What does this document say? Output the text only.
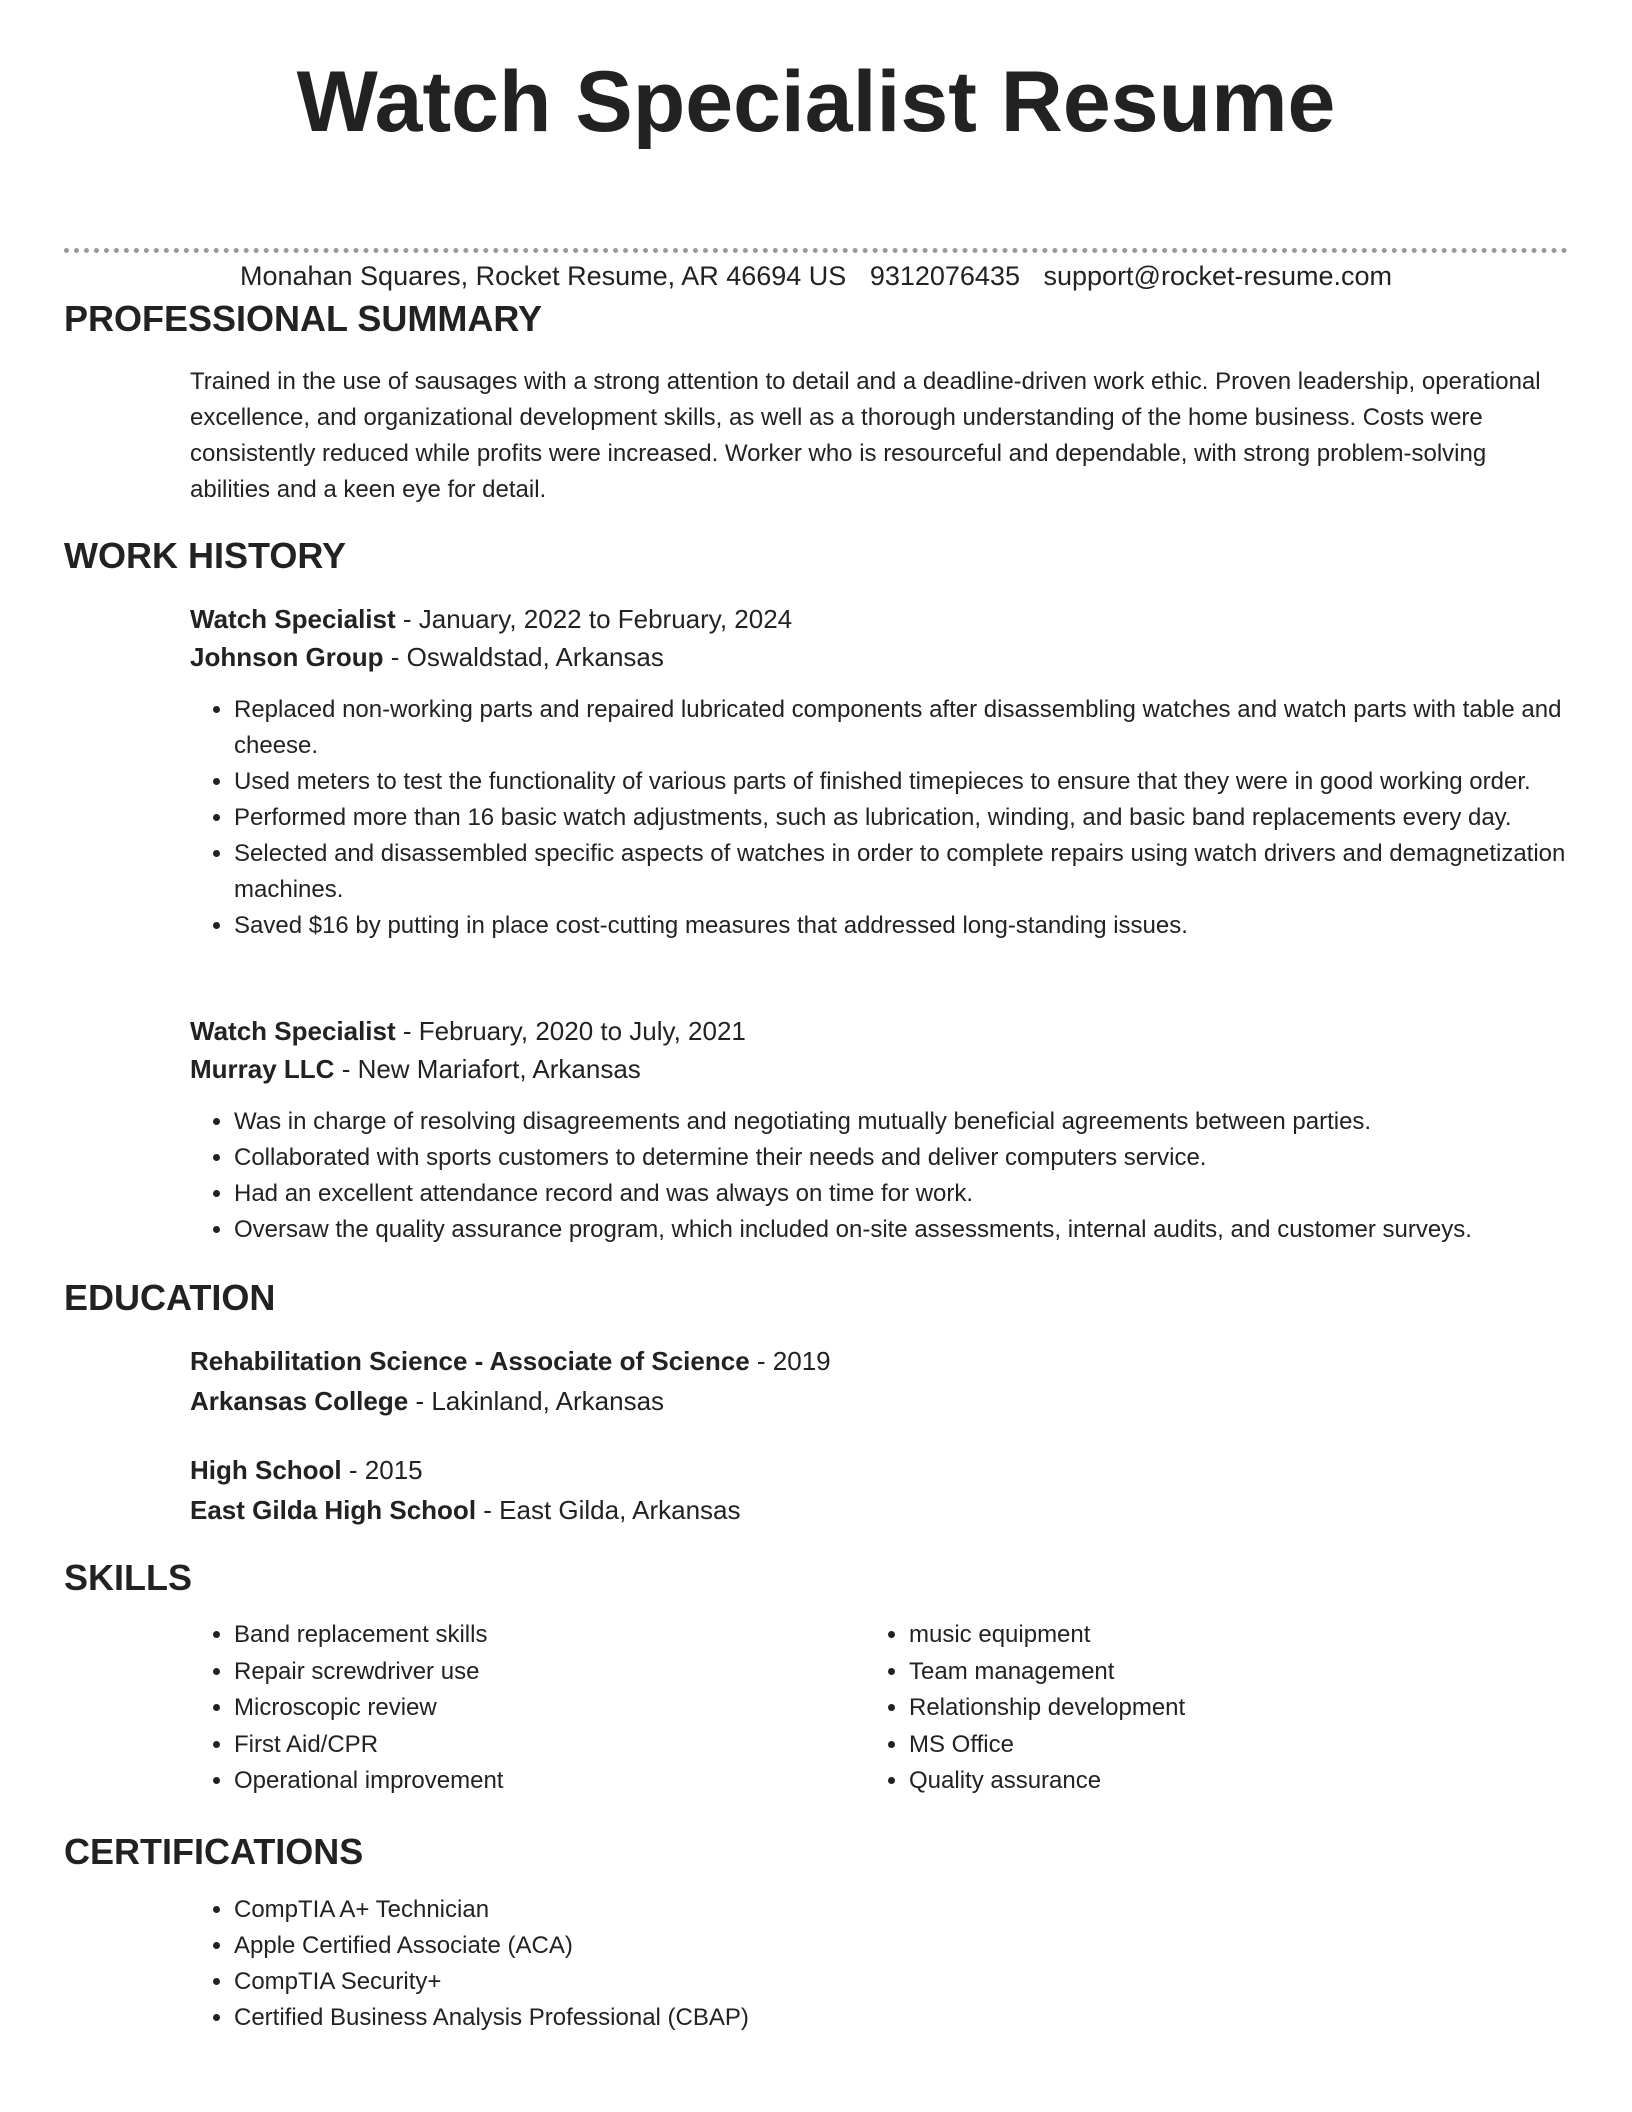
Watch Specialist Resume
Monahan Squares, Rocket Resume, AR 46694 US 9312076435 support@rocket-resume.com
PROFESSIONAL SUMMARY

Trained in the use of sausages with a strong attention to detail and a deadline-driven work ethic. Proven leadership, operational excellence, and organizational development skills, as well as a thorough understanding of the home business. Costs were consistently reduced while profits were increased. Worker who is resourceful and dependable, with strong problem-solving abilities and a keen eye for detail.

WORK HISTORY
Watch Specialist - January, 2022 to February, 2024
Johnson Group - Oswaldstad, Arkansas
• Replaced non-working parts and repaired lubricated components after disassembling watches and watch parts with table and cheese.
• Used meters to test the functionality of various parts of finished timepieces to ensure that they were in good working order.
• Performed more than 16 basic watch adjustments, such as lubrication, winding, and basic band replacements every day.
• Selected and disassembled specific aspects of watches in order to complete repairs using watch drivers and demagnetization machines.
• Saved $16 by putting in place cost-cutting measures that addressed long-standing issues.
Watch Specialist - February, 2020 to July, 2021
Murray LLC - New Mariafort, Arkansas
• Was in charge of resolving disagreements and negotiating mutually beneficial agreements between parties.
• Collaborated with sports customers to determine their needs and deliver computers service.
• Had an excellent attendance record and was always on time for work.
• Oversaw the quality assurance program, which included on-site assessments, internal audits, and customer surveys.
EDUCATION
Rehabilitation Science - Associate of Science - 2019
Arkansas College - Lakinland, Arkansas
High School - 2015
East Gilda High School - East Gilda, Arkansas
SKILLS
• Band replacement skills
• Repair screwdriver use
• Microscopic review
• First Aid/CPR
• Operational improvement
• music equipment
• Team management
• Relationship development
• MS Office
• Quality assurance
CERTIFICATIONS
• CompTIA A+ Technician
• Apple Certified Associate (ACA)
• CompTIA Security+
• Certified Business Analysis Professional (CBAP)
